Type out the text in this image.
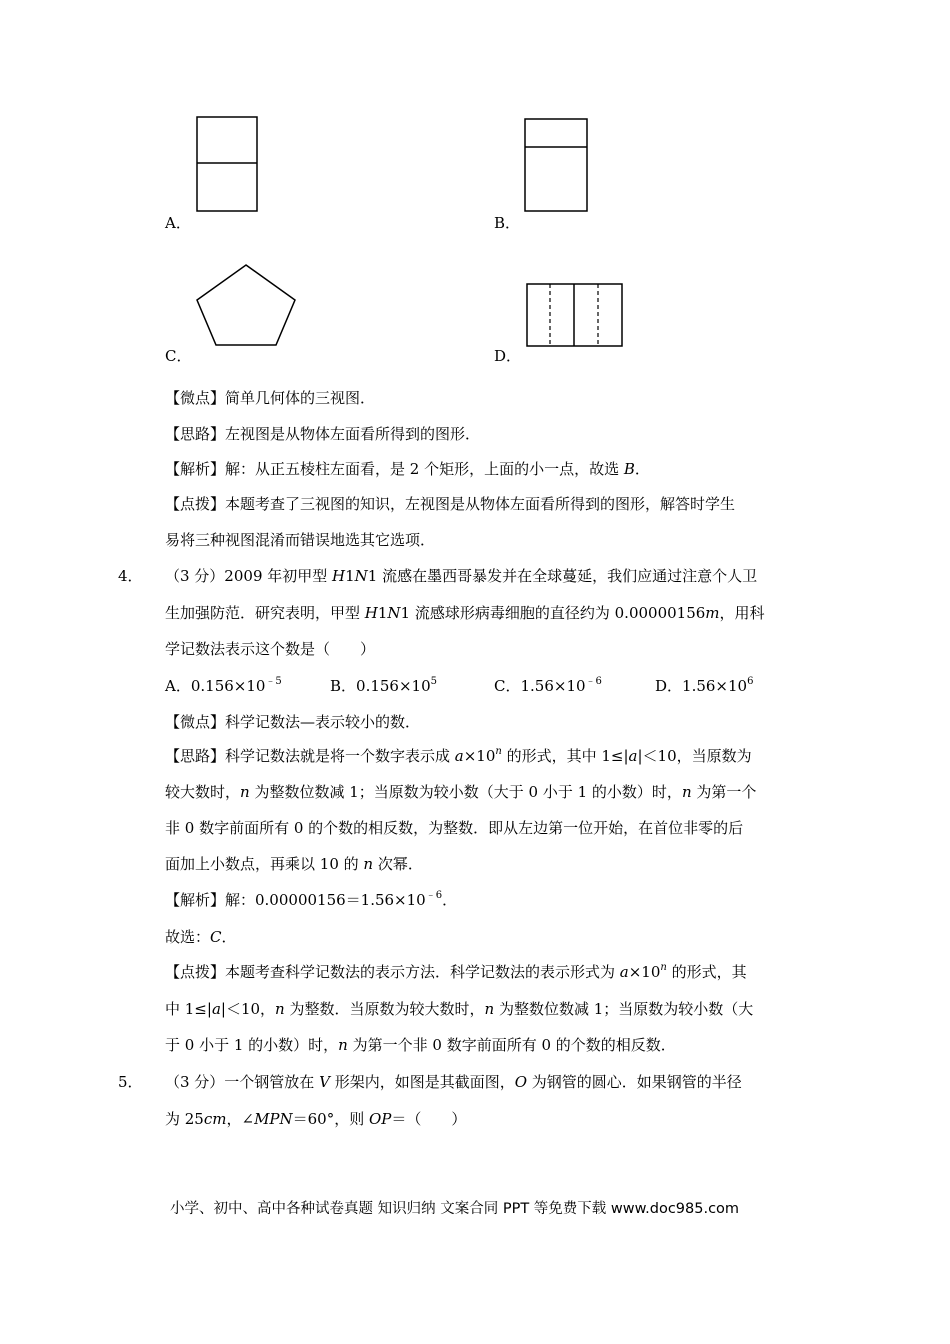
A．	B．
C．	D．
【微点】简单几何体的三视图．
【思路】左视图是从物体左面看所得到的图形．
【解析】解：从正五棱柱左面看，是 2 个矩形，上面的小一点，故选 B．
【点拨】本题考查了三视图的知识，左视图是从物体左面看所得到的图形，解答时学生
易将三种视图混淆而错误地选其它选项．
4． （3 分）2009 年初甲型 H1N1 流感在墨西哥暴发并在全球蔓延，我们应通过注意个人卫
生加强防范．研究表明，甲型 H1N1 流感球形病毒细胞的直径约为 0.00000156m，用科
学记数法表示这个数是（　　）
A．$0.156\times 10^{﹣5}$	B．$0.156\times 10^5$	C．$1.56\times 10^{﹣6}$	D．$1.56\times 10^6$
【微点】科学记数法—表示较小的数．
【思路】科学记数法就是将一个数字表示成 $a\times 10^n$ 的形式，其中 1≤|a|＜10，当原数为
较大数时，n 为整数位数减 1；当原数为较小数（大于 0 小于 1 的小数）时，n 为第一个
非 0 数字前面所有 0 的个数的相反数，为整数．即从左边第一位开始，在首位非零的后
面加上小数点，再乘以 10 的 n 次幂．
【解析】解：$0.00000156=1.56\times 10^{﹣6}$．
故选：C．
【点拨】本题考查科学记数法的表示方法．科学记数法的表示形式为 $a\times 10^n$ 的形式，其
中 1≤|a|＜10，n 为整数．当原数为较大数时，n 为整数位数减 1；当原数为较小数（大
于 0 小于 1 的小数）时，n 为第一个非 0 数字前面所有 0 的个数的相反数．
5． （3 分）一个钢管放在 V 形架内，如图是其截面图，O 为钢管的圆心．如果钢管的半径
为 25cm，∠MPN＝60°，则 OP＝（　　）
小学、初中、高中各种试卷真题 知识归纳 文案合同 PPT 等免费下载 www.doc985.com
